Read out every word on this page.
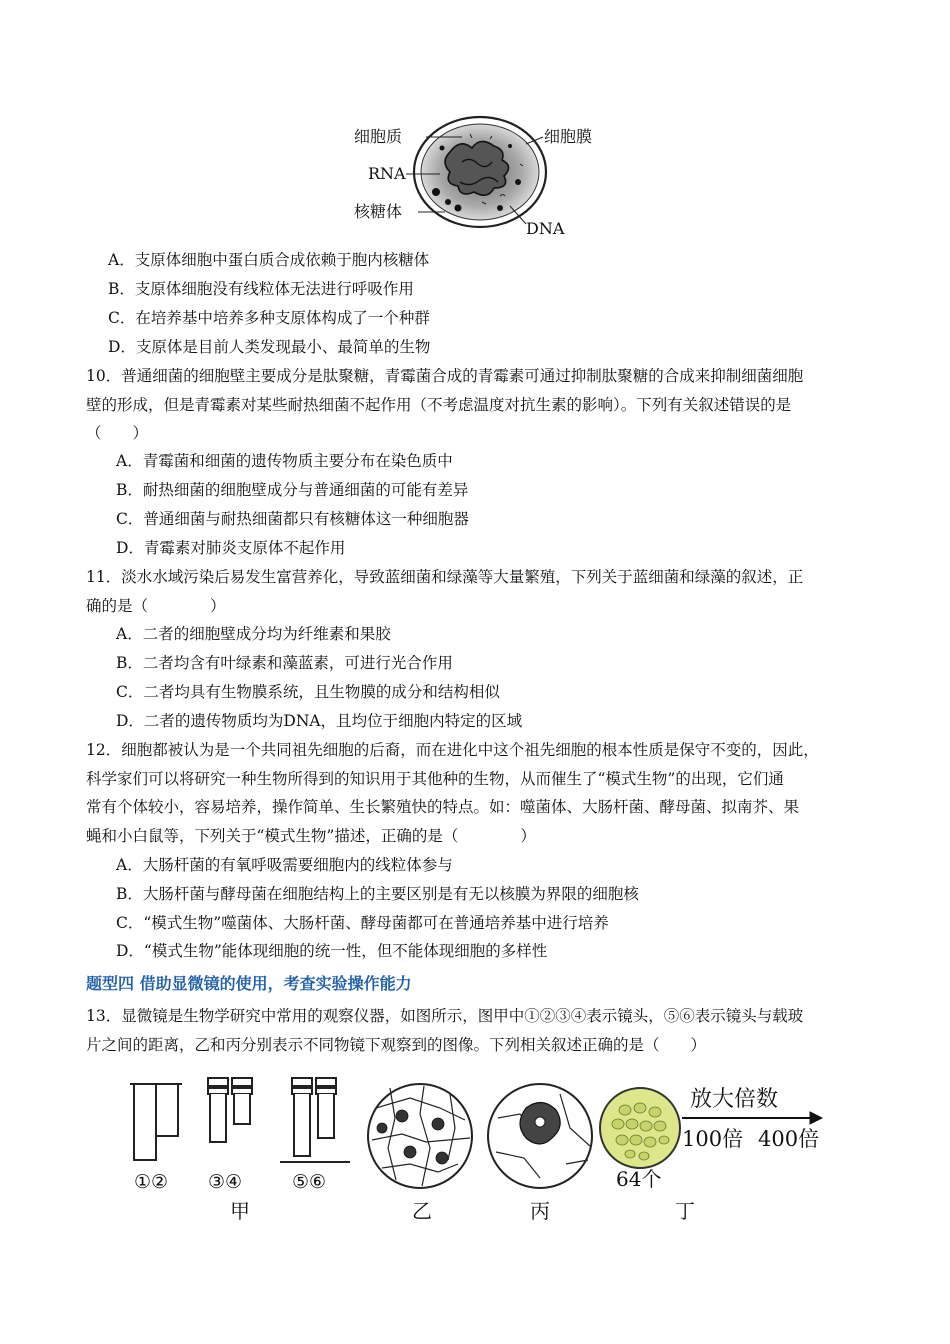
细胞质	细胞膜
RNA
核糖体
DNA
A．支原体细胞中蛋白质合成依赖于胞内核糖体
B．支原体细胞没有线粒体无法进行呼吸作用
C．在培养基中培养多种支原体构成了一个种群
D．支原体是目前人类发现最小、最简单的生物
10．普通细菌的细胞壁主要成分是肽聚糖，青霉菌合成的青霉素可通过抑制肽聚糖的合成来抑制细菌细胞
壁的形成，但是青霉素对某些耐热细菌不起作用（不考虑温度对抗生素的影响）。下列有关叙述错误的是
（　　）
A．青霉菌和细菌的遗传物质主要分布在染色质中
B．耐热细菌的细胞壁成分与普通细菌的可能有差异
C．普通细菌与耐热细菌都只有核糖体这一种细胞器
D．青霉素对肺炎支原体不起作用
11．淡水水域污染后易发生富营养化，导致蓝细菌和绿藻等大量繁殖，下列关于蓝细菌和绿藻的叙述，正
确的是（　　　　）
A．二者的细胞壁成分均为纤维素和果胶
B．二者均含有叶绿素和藻蓝素，可进行光合作用
C．二者均具有生物膜系统，且生物膜的成分和结构相似
D．二者的遗传物质均为DNA，且均位于细胞内特定的区域
12．细胞都被认为是一个共同祖先细胞的后裔，而在进化中这个祖先细胞的根本性质是保守不变的，因此，
科学家们可以将研究一种生物所得到的知识用于其他种的生物，从而催生了“模式生物”的出现，它们通
常有个体较小，容易培养，操作简单、生长繁殖快的特点。如：噬菌体、大肠杆菌、酵母菌、拟南芥、果
蝇和小白鼠等，下列关于“模式生物”描述，正确的是（　　　　）
A．大肠杆菌的有氧呼吸需要细胞内的线粒体参与
B．大肠杆菌与酵母菌在细胞结构上的主要区别是有无以核膜为界限的细胞核
C．“模式生物”噬菌体、大肠杆菌、酵母菌都可在普通培养基中进行培养
D．“模式生物”能体现细胞的统一性，但不能体现细胞的多样性
题型四 借助显微镜的使用，考查实验操作能力
13．显微镜是生物学研究中常用的观察仪器，如图所示，图甲中①②③④表示镜头，⑤⑥表示镜头与载玻
片之间的距离，乙和丙分别表示不同物镜下观察到的图像。下列相关叙述正确的是（　　）
放大倍数
100倍 400倍
64个
①② ③④	⑤⑥
甲	乙	丙	丁
